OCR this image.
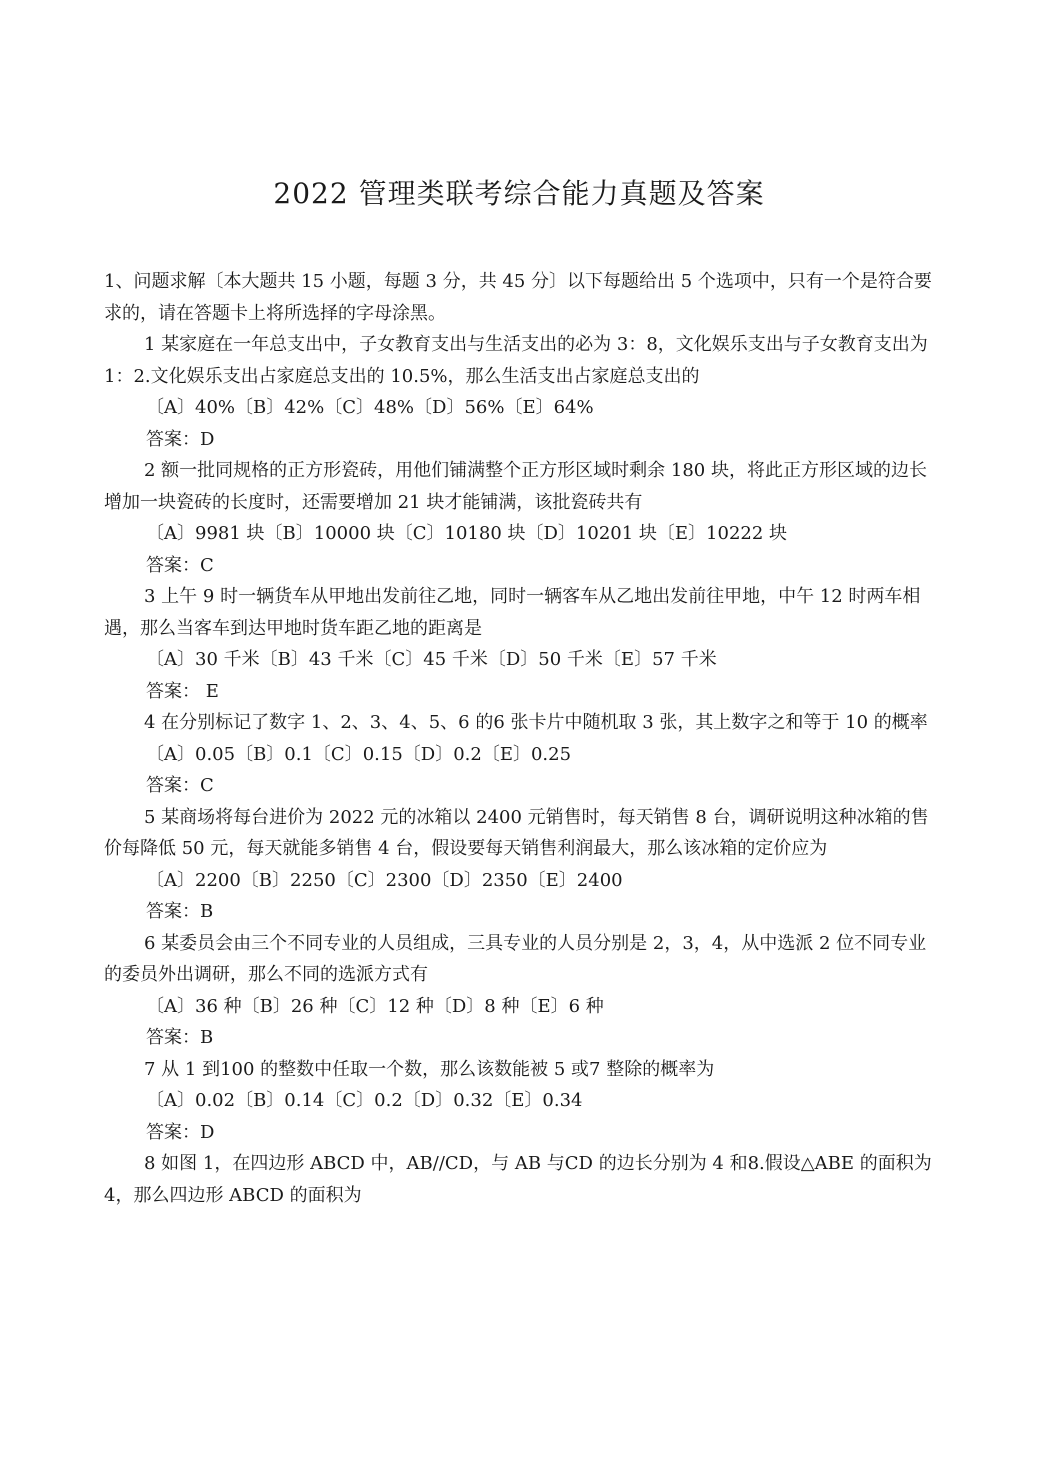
2022 管理类联考综合能力真题及答案

1、问题求解〔本大题共 15 小题，每题 3 分，共 45 分〕以下每题给出 5 个选项中，只有一个是符合要求的，请在答题卡上将所选择的字母涂黑。

1 某家庭在一年总支出中，子女教育支出与生活支出的必为 3：8，文化娱乐支出与子女教育支出为 1：2.文化娱乐支出占家庭总支出的 10.5%，那么生活支出占家庭总支出的

〔A〕40%〔B〕42%〔C〕48%〔D〕56%〔E〕64%

答案：D

2 额一批同规格的正方形瓷砖，用他们铺满整个正方形区域时剩余 180 块，将此正方形区域的边长增加一块瓷砖的长度时，还需要增加 21 块才能铺满，该批瓷砖共有

〔A〕9981 块〔B〕10000 块〔C〕10180 块〔D〕10201 块〔E〕10222 块

答案：C

3 上午 9 时一辆货车从甲地出发前往乙地，同时一辆客车从乙地出发前往甲地，中午 12 时两车相遇，那么当客车到达甲地时货车距乙地的距离是

〔A〕30 千米〔B〕43 千米〔C〕45 千米〔D〕50 千米〔E〕57 千米

答案： E

4 在分别标记了数字 1、2、3、4、5、6 的6 张卡片中随机取 3 张，其上数字之和等于 10 的概率

〔A〕0.05〔B〕0.1〔C〕0.15〔D〕0.2〔E〕0.25

答案：C

5 某商场将每台进价为 2022 元的冰箱以 2400 元销售时，每天销售 8 台，调研说明这种冰箱的售价每降低 50 元，每天就能多销售 4 台，假设要每天销售利润最大，那么该冰箱的定价应为

〔A〕2200〔B〕2250〔C〕2300〔D〕2350〔E〕2400

答案：B

6 某委员会由三个不同专业的人员组成，三具专业的人员分别是 2，3，4，从中选派 2 位不同专业的委员外出调研，那么不同的选派方式有

〔A〕36 种〔B〕26 种〔C〕12 种〔D〕8 种〔E〕6 种

答案：B

7 从 1 到100 的整数中任取一个数，那么该数能被 5 或7 整除的概率为

〔A〕0.02〔B〕0.14〔C〕0.2〔D〕0.32〔E〕0.34

答案：D

8 如图 1，在四边形 ABCD 中，AB//CD，与 AB 与CD 的边长分别为 4 和8.假设△ABE 的面积为 4，那么四边形 ABCD 的面积为
